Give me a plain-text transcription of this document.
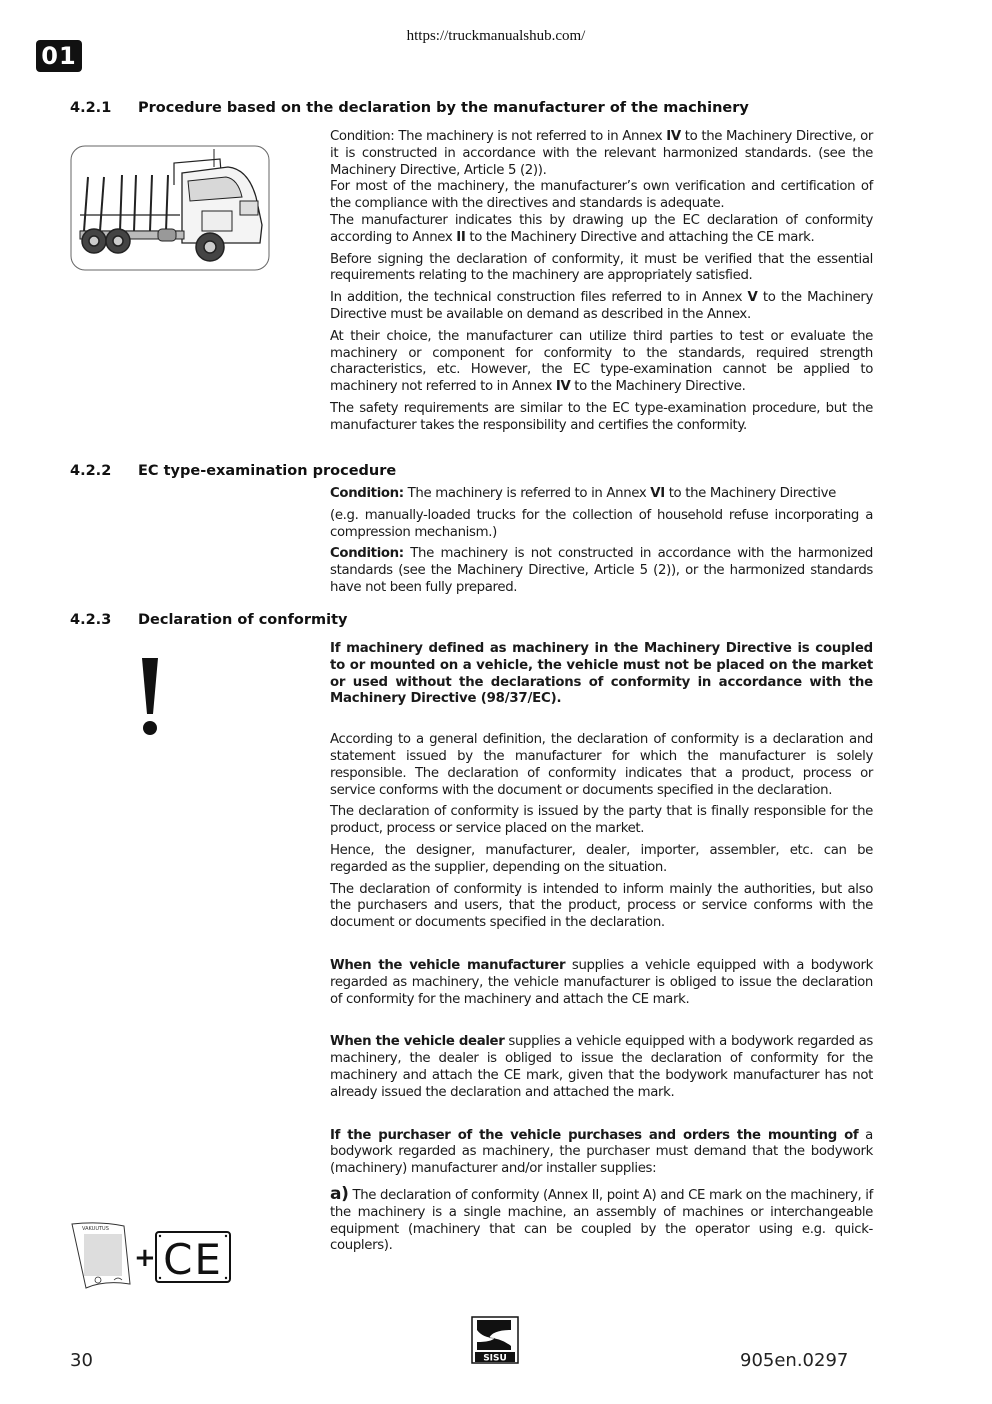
https://truckmanualshub.com/
01
4.2.1 Procedure based on the declaration by the manufacturer of the machinery

Condition: The machinery is not referred to in Annex IV to the Machinery Directive, or it is constructed in accordance with the relevant harmonized standards. (see the Machinery Directive, Article 5 (2)).
For most of the machinery, the manufacturer’s own verification and certification of the compliance with the directives and standards is adequate.
The manufacturer indicates this by drawing up the EC declaration of conformity according to Annex II to the Machinery Directive and attaching the CE mark.

Before signing the declaration of conformity, it must be verified that the essential requirements relating to the machinery are appropriately satisfied.

In addition, the technical construction files referred to in Annex V to the Machinery Directive must be available on demand as described in the Annex.

At their choice, the manufacturer can utilize third parties to test or evaluate the machinery or component for conformity to the standards, required strength characteristics, etc. However, the EC type-examination cannot be applied to machinery not referred to in Annex IV to the Machinery Directive.

The safety requirements are similar to the EC type-examination procedure, but the manufacturer takes the responsibility and certifies the conformity.

4.2.2 EC type-examination procedure

Condition: The machinery is referred to in Annex VI to the Machinery Directive

(e.g. manually-loaded trucks for the collection of household refuse incorporating a compression mechanism.)

Condition: The machinery is not constructed in accordance with the harmonized standards (see the Machinery Directive, Article 5 (2)), or the harmonized standards have not been fully prepared.

4.2.3 Declaration of conformity

If machinery defined as machinery in the Machinery Directive is coupled to or mounted on a vehicle, the vehicle must not be placed on the market or used without the declarations of conformity in accordance with the Machinery Directive (98/37/EC).

According to a general definition, the declaration of conformity is a declaration and statement issued by the manufacturer for which the manufacturer is solely responsible. The declaration of conformity indicates that a product, process or service conforms with the document or documents specified in the declaration.

The declaration of conformity is issued by the party that is finally responsible for the product, process or service placed on the market.

Hence, the designer, manufacturer, dealer, importer, assembler, etc. can be regarded as the supplier, depending on the situation.

The declaration of conformity is intended to inform mainly the authorities, but also the purchasers and users, that the product, process or service conforms with the document or documents specified in the declaration.

When the vehicle manufacturer supplies a vehicle equipped with a bodywork regarded as machinery, the vehicle manufacturer is obliged to issue the declaration of conformity for the machinery and attach the CE mark.

When the vehicle dealer supplies a vehicle equipped with a bodywork regarded as machinery, the dealer is obliged to issue the declaration of conformity for the machinery and attach the CE mark, given that the bodywork manufacturer has not already issued the declaration and attached the mark.

If the purchaser of the vehicle purchases and orders the mounting of a bodywork regarded as machinery, the purchaser must demand that the bodywork (machinery) manufacturer and/or installer supplies:

a) The declaration of conformity (Annex II, point A) and CE mark on the machinery, if the machinery is a single machine, an assembly of machines or interchangeable equipment (machinery that can be coupled by the operator using e.g. quick-couplers).

VAKUUTUS
+ CE
30	SISU	905en.0297
